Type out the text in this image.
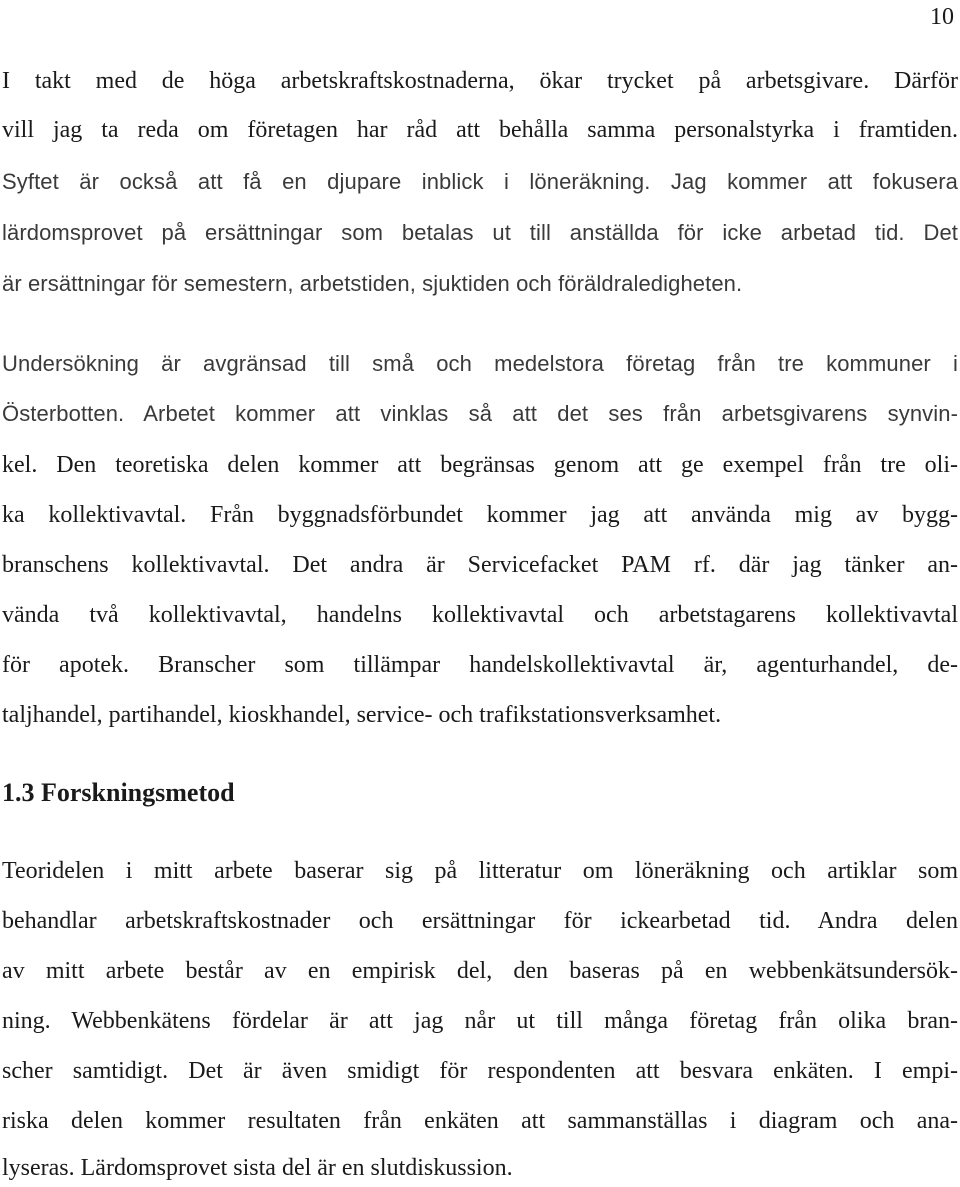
10
I takt med de höga arbetskraftskostnaderna, ökar trycket på arbetsgivare. Därför
vill jag ta reda om företagen har råd att behålla samma personalstyrka i framtiden.
Syftet är också att få en djupare inblick i löneräkning. Jag kommer att fokusera
lärdomsprovet på ersättningar som betalas ut till anställda för icke arbetad tid. Det
är ersättningar för semestern, arbetstiden, sjuktiden och föräldraledigheten.
Undersökning är avgränsad till små och medelstora företag från tre kommuner i
Österbotten. Arbetet kommer att vinklas så att det ses från arbetsgivarens synvin-
kel. Den teoretiska delen kommer att begränsas genom att ge exempel från tre oli-
ka kollektivavtal. Från byggnadsförbundet kommer jag att använda mig av bygg-
branschens kollektivavtal. Det andra är Servicefacket PAM rf. där jag tänker an-
vända två kollektivavtal, handelns kollektivavtal och arbetstagarens kollektivavtal
för apotek. Branscher som tillämpar handelskollektivavtal är, agenturhandel, de-
taljhandel, partihandel, kioskhandel, service- och trafikstationsverksamhet.
1.3 Forskningsmetod
Teoridelen i mitt arbete baserar sig på litteratur om löneräkning och artiklar som
behandlar arbetskraftskostnader och ersättningar för ickearbetad tid. Andra delen
av mitt arbete består av en empirisk del, den baseras på en webbenkätsundersök-
ning. Webbenkätens fördelar är att jag når ut till många företag från olika bran-
scher samtidigt. Det är även smidigt för respondenten att besvara enkäten. I empi-
riska delen kommer resultaten från enkäten att sammanställas i diagram och ana-
lyseras. Lärdomsprovet sista del är en slutdiskussion.
